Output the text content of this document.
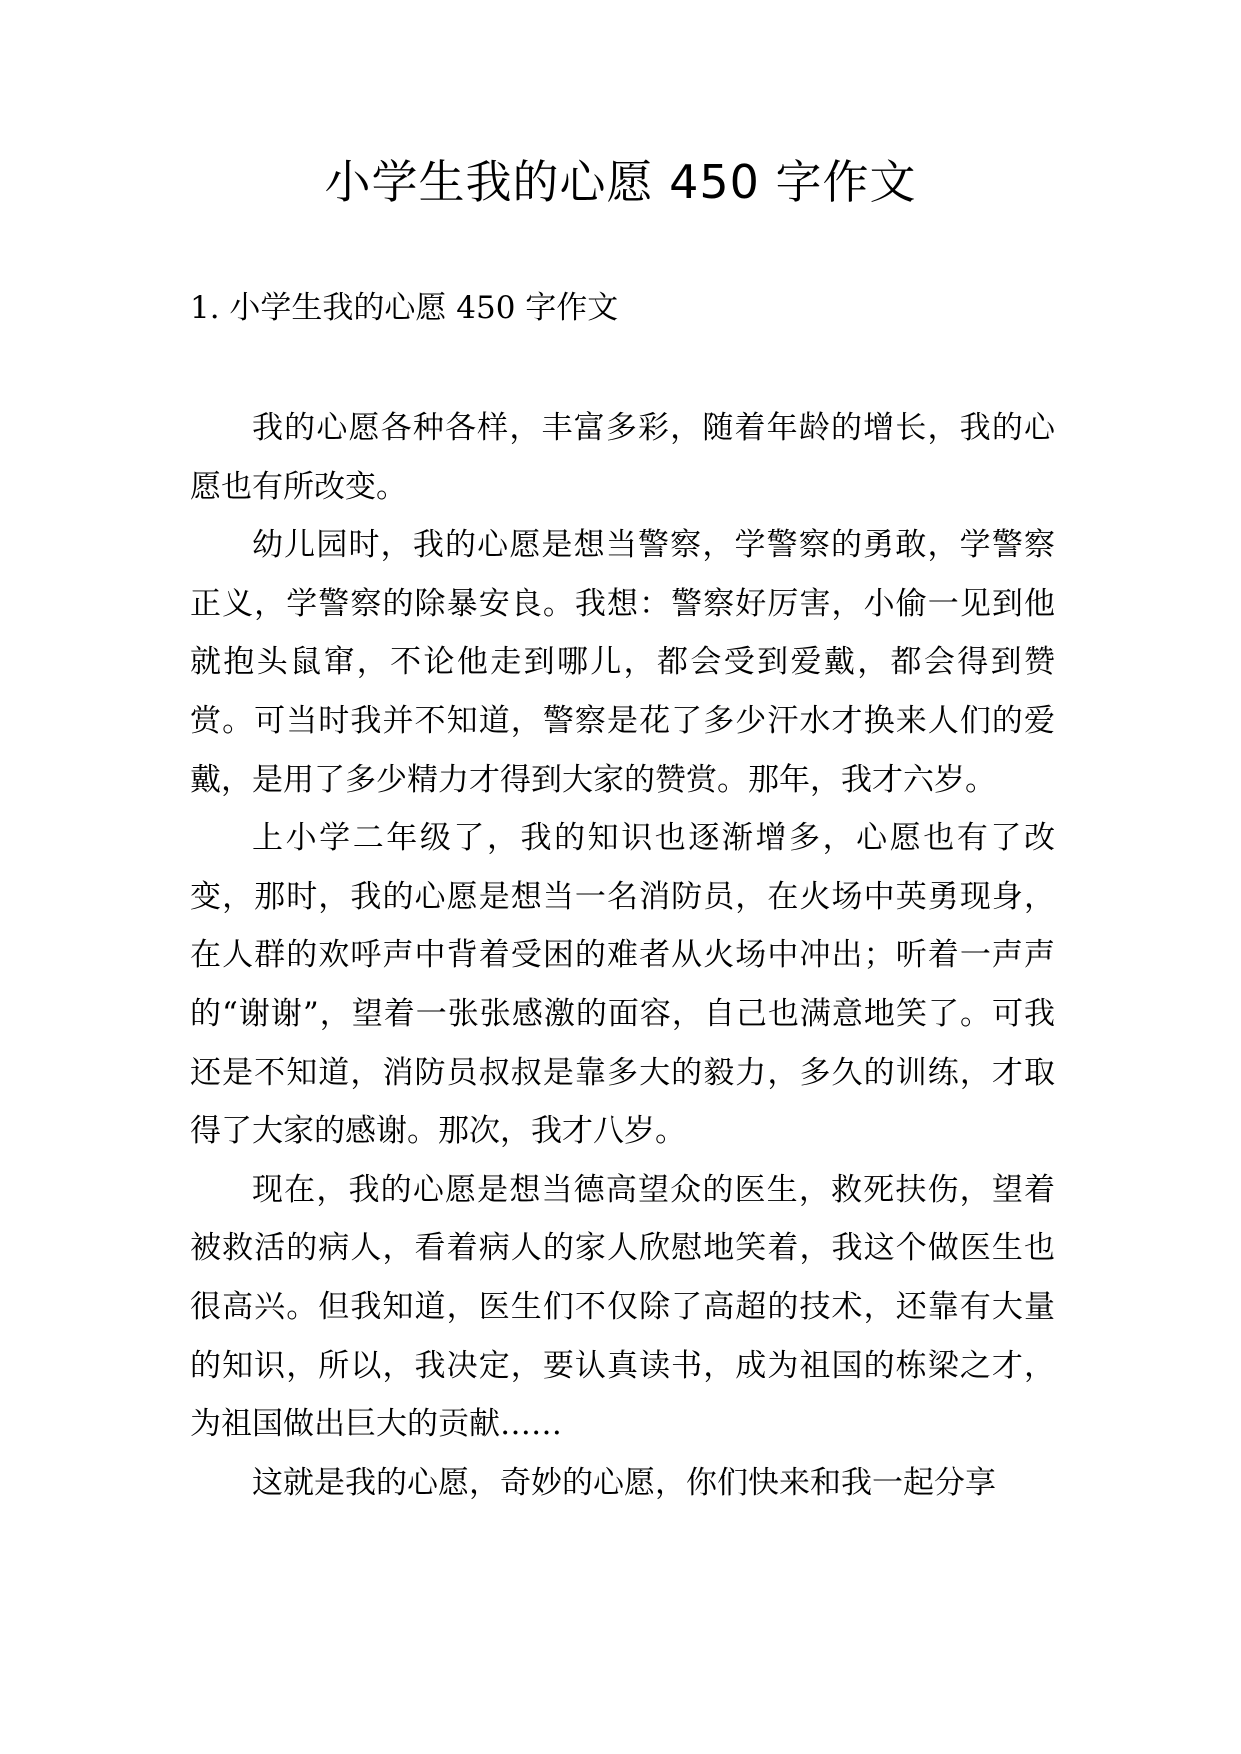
小学生我的心愿 450 字作文
1. 小学生我的心愿 450 字作文

我的心愿各种各样，丰富多彩，随着年龄的增长，我的心愿也有所改变。

幼儿园时，我的心愿是想当警察，学警察的勇敢，学警察正义，学警察的除暴安良。我想：警察好厉害，小偷一见到他就抱头鼠窜，不论他走到哪儿，都会受到爱戴，都会得到赞赏。可当时我并不知道，警察是花了多少汗水才换来人们的爱戴，是用了多少精力才得到大家的赞赏。那年，我才六岁。

上小学二年级了，我的知识也逐渐增多，心愿也有了改变，那时，我的心愿是想当一名消防员，在火场中英勇现身，在人群的欢呼声中背着受困的难者从火场中冲出；听着一声声的“谢谢”，望着一张张感激的面容，自己也满意地笑了。可我还是不知道，消防员叔叔是靠多大的毅力，多久的训练，才取得了大家的感谢。那次，我才八岁。

现在，我的心愿是想当德高望众的医生，救死扶伤，望着被救活的病人，看着病人的家人欣慰地笑着，我这个做医生也很高兴。但我知道，医生们不仅除了高超的技术，还靠有大量的知识，所以，我决定，要认真读书，成为祖国的栋梁之才，为祖国做出巨大的贡献……

这就是我的心愿，奇妙的心愿，你们快来和我一起分享
